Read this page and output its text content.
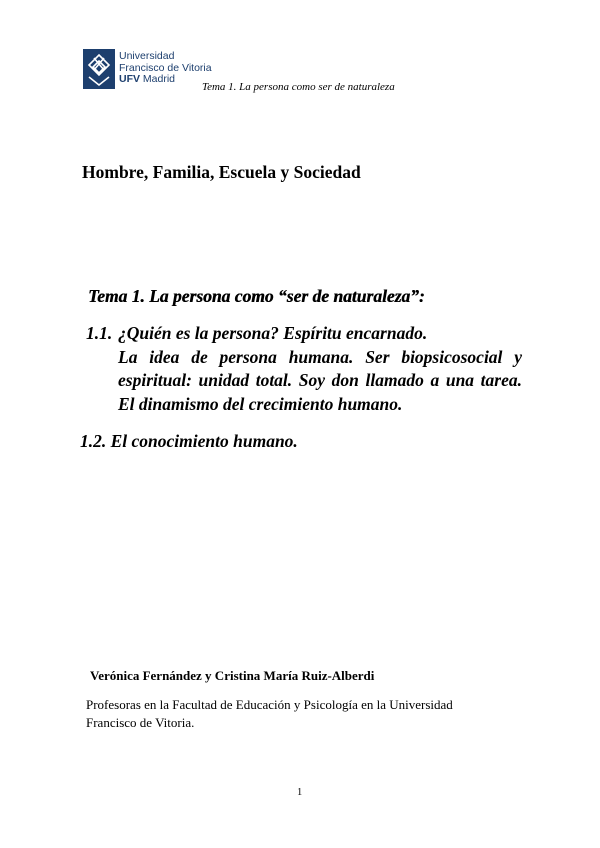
Universidad
Francisco de Vitoria
UFV Madrid
Tema 1. La persona como ser de naturaleza
Hombre, Familia, Escuela y Sociedad
Tema 1. La persona como “ser de naturaleza”:
1.1. ¿Quién es la persona? Espíritu encarnado.
La idea de persona humana. Ser biopsicosocial y espiritual: unidad total. Soy don llamado a una tarea. El dinamismo del crecimiento humano.
1.2. El conocimiento humano.
Verónica Fernández y Cristina María Ruiz-Alberdi
Profesoras en la Facultad de Educación y Psicología en la Universidad Francisco de Vitoria.
1
